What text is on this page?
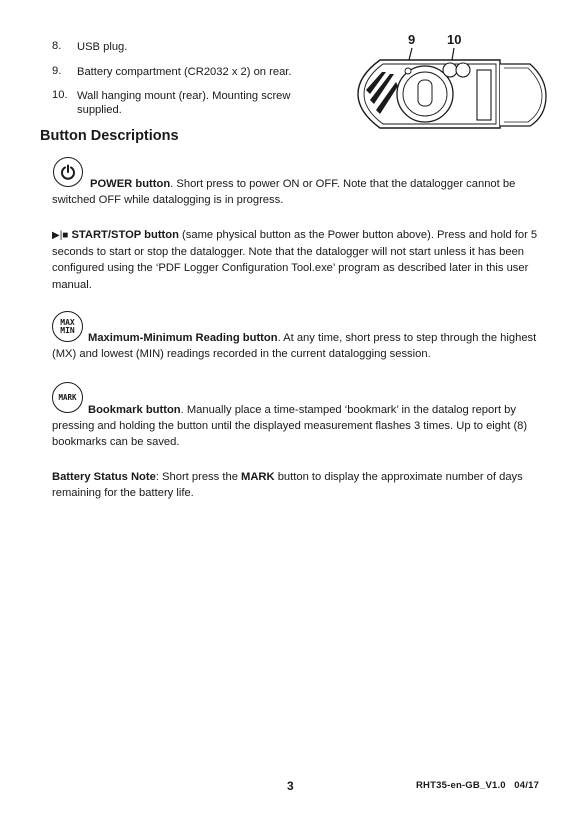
8.	USB plug.
9.	Battery compartment (CR2032 x 2) on rear.
10. Wall hanging mount (rear). Mounting screw supplied.
9 10
Button Descriptions
POWER button. Short press to power ON or OFF. Note that the datalogger cannot be switched OFF while datalogging is in progress.
▶|■ START/STOP button (same physical button as the Power button above). Press and hold for 5 seconds to start or stop the datalogger. Note that the datalogger will not start unless it has been configured using the ‘PDF Logger Configuration Tool.exe’ program as described later in this user manual.
MAX
MIN
Maximum-Minimum Reading button. At any time, short press to step through the highest (MX) and lowest (MIN) readings recorded in the current datalogging session.
MARK
Bookmark button. Manually place a time-stamped ‘bookmark’ in the datalog report by pressing and holding the button until the displayed measurement flashes 3 times. Up to eight (8) bookmarks can be saved.
Battery Status Note: Short press the MARK button to display the approximate number of days remaining for the battery life.
3	RHT35-en-GB_V1.0   04/17
